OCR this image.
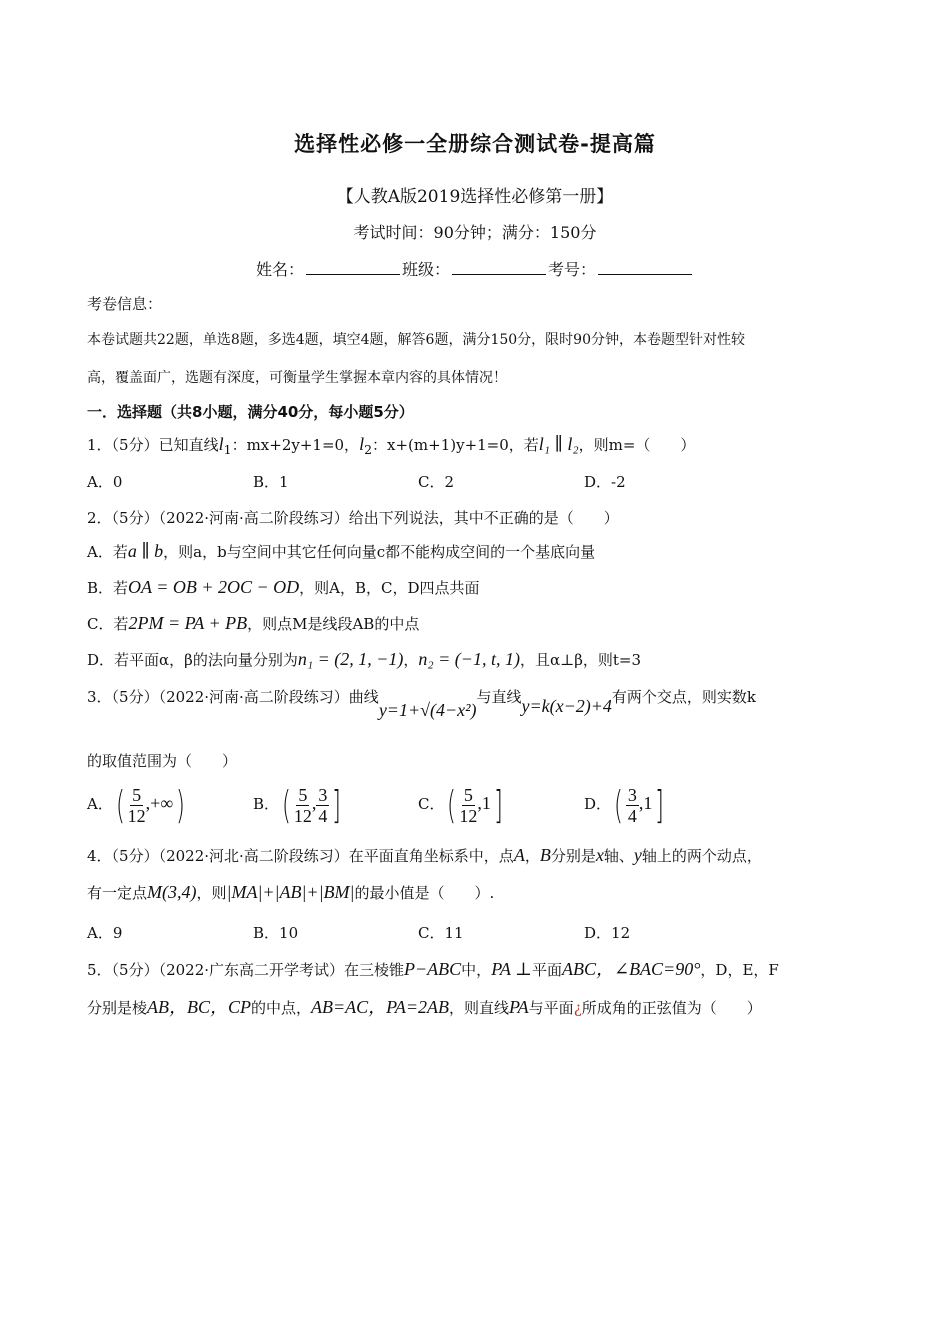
选择性必修一全册综合测试卷-提高篇
【人教A版2019选择性必修第一册】
考试时间：90分钟；满分：150分
姓名：	班级：	考号：
考卷信息：
本卷试题共22题，单选8题，多选4题，填空4题，解答6题，满分150分，限时90分钟，本卷题型针对性较
高，覆盖面广，选题有深度，可衡量学生掌握本章内容的具体情况！
一．选择题（共8小题，满分40分，每小题5分）
1．（5分）已知直线$l_1$：mx+2y+1=0，$l_2$：x+(m+1)y+1=0，若l₁ ∥ l₂，则m=（　　）
A．0	B．1	C．2	D．-2
2．（5分）（2022·河南·高二阶段练习）给出下列说法，其中不正确的是（　　）
A．若a ∥ b，则a，b与空间中其它任何向量c都不能构成空间的一个基底向量
B．若OA = OB + 2OC − OD，则A，B，C，D四点共面
C．若2PM = PA + PB，则点M是线段AB的中点
D．若平面α，β的法向量分别为n₁ = (2, 1, −1)，n₂ = (−1, t, 1)，且α⊥β，则t=3
3．（5分）（2022·河南·高二阶段练习）曲线y=1+√(4−x²)与直线y=k(x−2)+4有两个交点，则实数k
的取值范围为（　　）
A．( $\frac{5}{12}$ ,+∞)	B．( $\frac{5}{12}$ , $\frac{3}{4}$ ]	C．( $\frac{5}{12} ,1$]	D．( $\frac{3}{4} ,1$]
4．（5分）（2022·河北·高二阶段练习）在平面直角坐标系中，点A，B分别是x轴、y轴上的两个动点，
有一定点M(3,4)，则|MA|+|AB|+|BM|的最小值是（　　）.
A．9	B．10	C．11	D．12
5．（5分）（2022·广东高二开学考试）在三棱锥P−ABC中，PA ⊥平面ABC，∠BAC=90°，D，E，F
分别是棱AB，BC，CP的中点，AB=AC，PA=2AB，则直线PA与平面¿所成角的正弦值为（　　）
